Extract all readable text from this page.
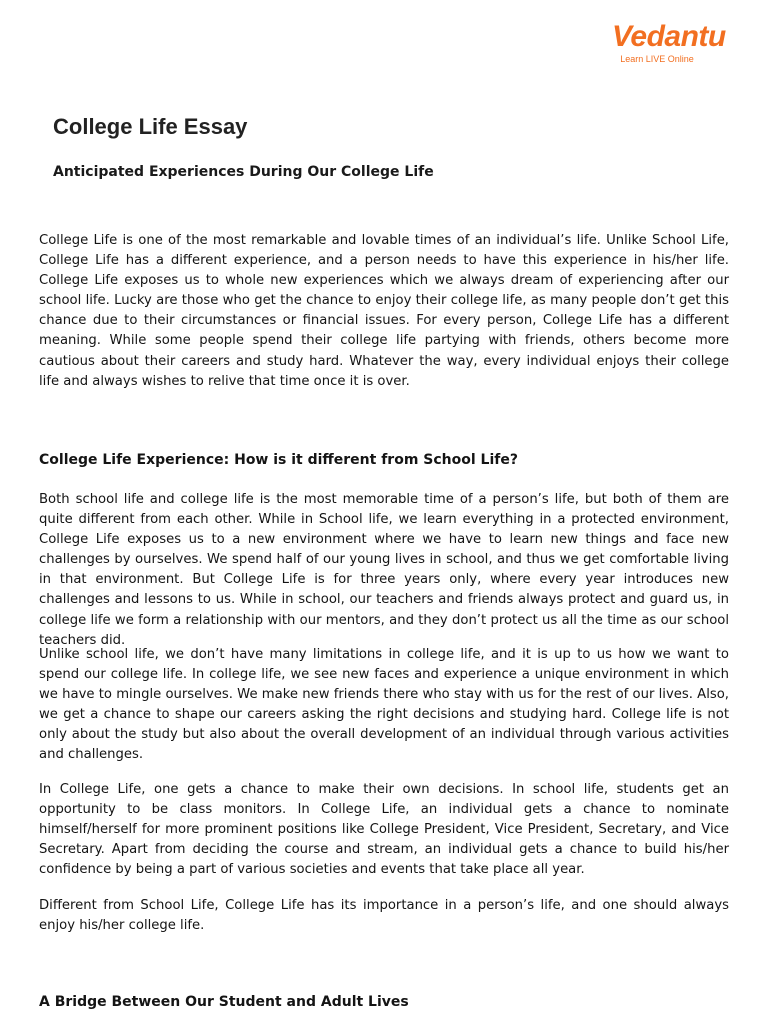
Vedantu
Learn LIVE Online
College Life Essay
Anticipated Experiences During Our College Life

College Life is one of the most remarkable and lovable times of an individual’s life. Unlike School Life, College Life has a different experience, and a person needs to have this experience in his/her life. College Life exposes us to whole new experiences which we always dream of experiencing after our school life. Lucky are those who get the chance to enjoy their college life, as many people don’t get this chance due to their circumstances or financial issues. For every person, College Life has a different meaning. While some people spend their college life partying with friends, others become more cautious about their careers and study hard. Whatever the way, every individual enjoys their college life and always wishes to relive that time once it is over.

College Life Experience: How is it different from School Life?

Both school life and college life is the most memorable time of a person’s life, but both of them are quite different from each other. While in School life, we learn everything in a protected environment, College Life exposes us to a new environment where we have to learn new things and face new challenges by ourselves. We spend half of our young lives in school, and thus we get comfortable living in that environment. But College Life is for three years only, where every year introduces new challenges and lessons to us. While in school, our teachers and friends always protect and guard us, in college life we form a relationship with our mentors, and they don’t protect us all the time as our school teachers did.

Unlike school life, we don’t have many limitations in college life, and it is up to us how we want to spend our college life. In college life, we see new faces and experience a unique environment in which we have to mingle ourselves. We make new friends there who stay with us for the rest of our lives. Also, we get a chance to shape our careers asking the right decisions and studying hard. College life is not only about the study but also about the overall development of an individual through various activities and challenges.

In College Life, one gets a chance to make their own decisions. In school life, students get an opportunity to be class monitors. In College Life, an individual gets a chance to nominate himself/herself for more prominent positions like College President, Vice President, Secretary, and Vice Secretary. Apart from deciding the course and stream, an individual gets a chance to build his/her confidence by being a part of various societies and events that take place all year.

Different from School Life, College Life has its importance in a person’s life, and one should always enjoy his/her college life.

A Bridge Between Our Student and Adult Lives
